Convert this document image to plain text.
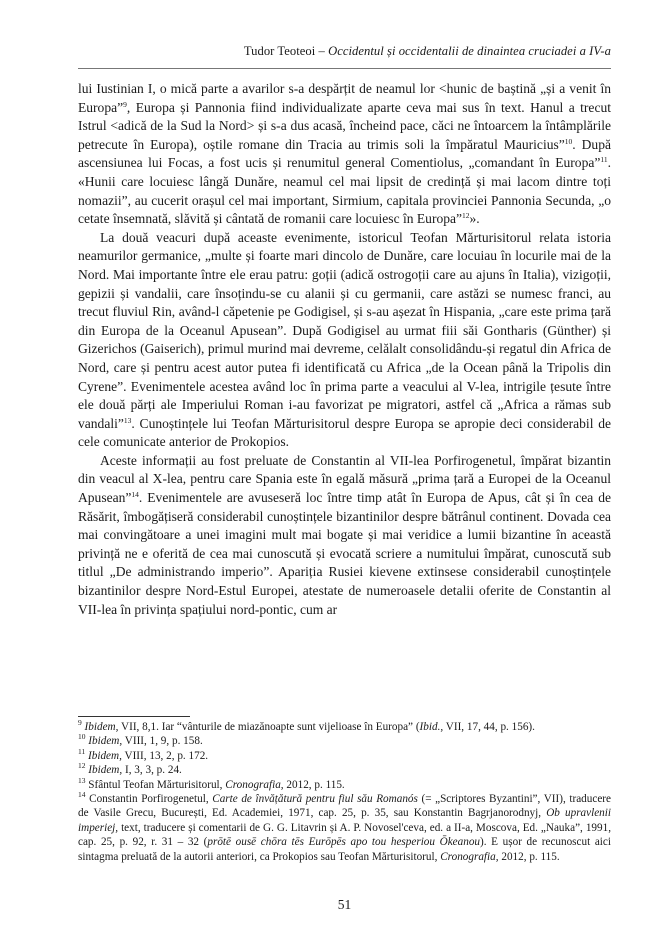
Tudor Teoteoi – Occidentul și occidentalii de dinaintea cruciadei a IV-a

lui Iustinian I, o mică parte a avarilor s-a despărțit de neamul lor <hunic de baștină „și a venit în Europa”$^9$, Europa și Pannonia fiind individualizate aparte ceva mai sus în text. Hanul a trecut Istrul <adică de la Sud la Nord> și s-a dus acasă, încheind pace, căci ne întoarcem la întâmplările petrecute în Europa), oștile romane din Tracia au trimis soli la împăratul Mauricius”$^{10}$. După ascensiunea lui Focas, a fost ucis și renumitul general Comentiolus, „comandant în Europa”$^{11}$. «Hunii care locuiesc lângă Dunăre, neamul cel mai lipsit de credință și mai lacom dintre toți nomazii”, au cucerit orașul cel mai important, Sirmium, capitala provinciei Pannonia Secunda, „o cetate însemnată, slăvită și cântată de romanii care locuiesc în Europa”$^{12}$».

La două veacuri după aceaste evenimente, istoricul Teofan Mărturisitorul relata istoria neamurilor germanice, „multe și foarte mari dincolo de Dunăre, care locuiau în locurile mai de la Nord. Mai importante între ele erau patru: goții (adică ostrogoții care au ajuns în Italia), vizigoții, gepizii și vandalii, care însoțindu-se cu alanii și cu germanii, care astăzi se numesc franci, au trecut fluviul Rin, având-l căpetenie pe Godigisel, și s-au așezat în Hispania, „care este prima țară din Europa de la Oceanul Apusean”. După Godigisel au urmat fiii săi Gontharis (Günther) și Gizerichos (Gaiserich), primul murind mai devreme, celălalt consolidându-și regatul din Africa de Nord, care și pentru acest autor putea fi identificată cu Africa „de la Ocean până la Tripolis din Cyrene”. Evenimentele acestea având loc în prima parte a veacului al V-lea, intrigile țesute între ele două părți ale Imperiului Roman i-au favorizat pe migratori, astfel că „Africa a rămas sub vandali”$^{13}$. Cunoștințele lui Teofan Mărturisitorul despre Europa se apropie deci considerabil de cele comunicate anterior de Prokopios.

Aceste informații au fost preluate de Constantin al VII-lea Porfirogenetul, împărat bizantin din veacul al X-lea, pentru care Spania este în egală măsură „prima țară a Europei de la Oceanul Apusean”$^{14}$. Evenimentele are avuseseră loc între timp atât în Europa de Apus, cât și în cea de Răsărit, îmbogățiseră considerabil cunoștințele bizantinilor despre bătrânul continent. Dovada cea mai convingătoare a unei imagini mult mai bogate și mai veridice a lumii bizantine în această privință ne e oferită de cea mai cunoscută și evocată scriere a numitului împărat, cunoscută sub titlul „De administrando imperio”. Apariția Rusiei kievene extinsese considerabil cunoștințele bizantinilor despre Nord-Estul Europei, atestate de numeroasele detalii oferite de Constantin al VII-lea în privința spațiului nord-pontic, cum ar

$^9$ Ibidem, VII, 8,1. Iar “vânturile de miazănoapte sunt vijelioase în Europa” (Ibid., VII, 17, 44, p. 156).

$^{10}$ Ibidem, VIII, 1, 9, p. 158.

$^{11}$ Ibidem, VIII, 13, 2, p. 172.

$^{12}$ Ibidem, I, 3, 3, p. 24.

$^{13}$ Sfântul Teofan Mărturisitorul, Cronografia, 2012, p. 115.

$^{14}$ Constantin Porfirogenetul, Carte de învățătură pentru fiul său Romanós (= „Scriptores Byzantini”, VII), traducere de Vasile Grecu, București, Ed. Academiei, 1971, cap. 25, p. 35, sau Konstantin Bagrjanorodnyj, Ob upravlenii imperiej, text, traducere și comentarii de G. G. Litavrin și A. P. Novosel'ceva, ed. a II-a, Moscova, Ed. „Nauka”, 1991, cap. 25, p. 92, r. 31 – 32 (prōtē ousē chōra tēs Eurōpēs apo tou hesperiou Ōkeanou). E ușor de recunoscut aici sintagma preluată de la autorii anteriori, ca Prokopios sau Teofan Mărturisitorul, Cronografia, 2012, p. 115.

51
